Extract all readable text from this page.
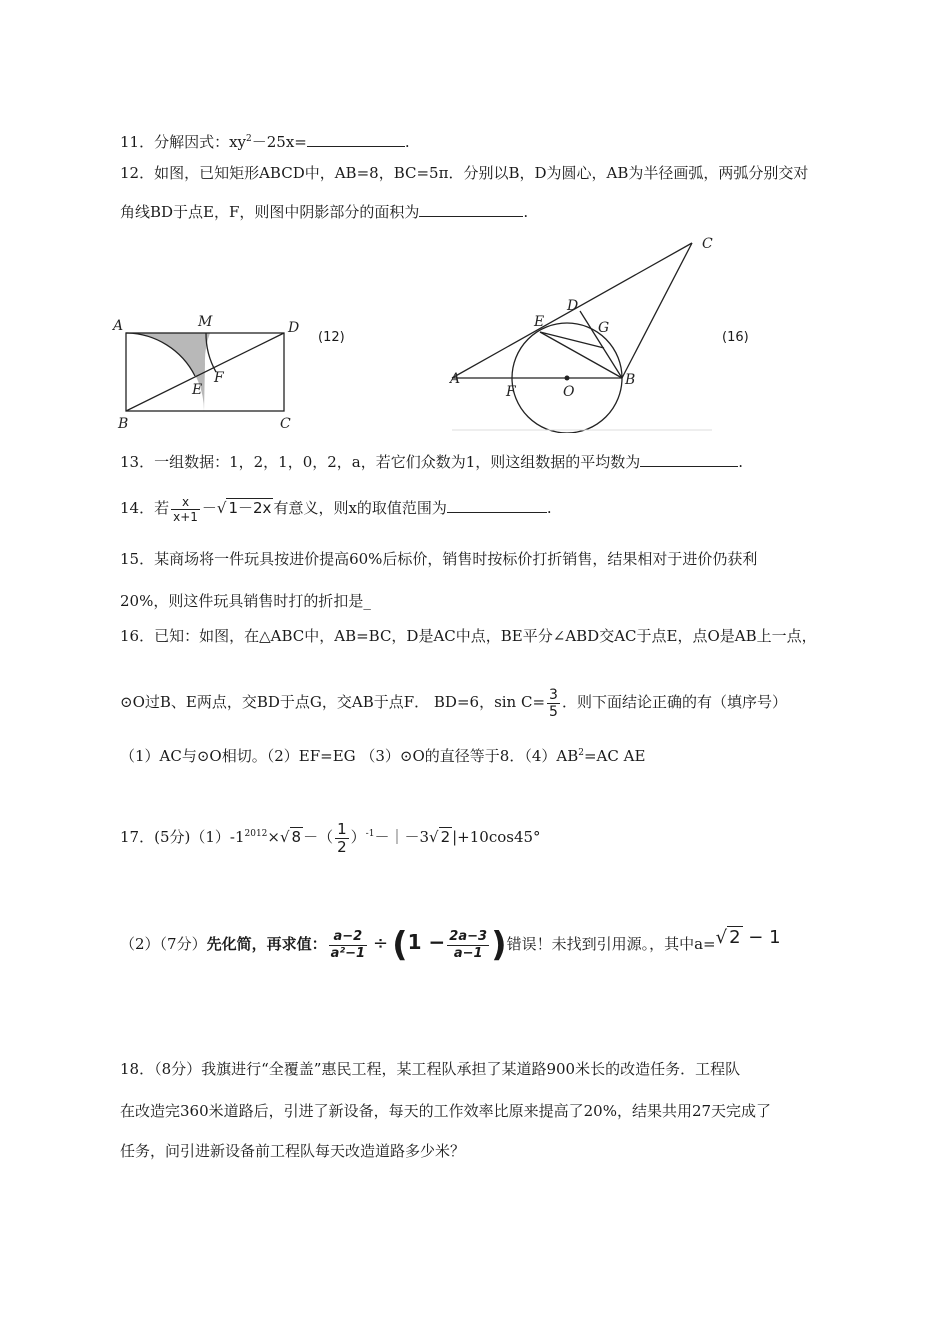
11．分解因式：$xy^2-25x=$	.
12．如图，已知矩形ABCD中，AB=8，BC=5π．分别以B，D为圆心，AB为半径画弧，两弧分别交对
角线BD于点E，F，则图中阴影部分的面积为	.
A	M	D
E
F
B	C
(12)
C
D
G
E
A
F	O
B
(16)
13．一组数据：1，2，1，0，2，a，若它们众数为1，则这组数据的平均数为	.
14．若 $\frac{x}{x+1}$ －√ 1－2x 有意义，则x的取值范围为	.
15．某商场将一件玩具按进价提高60%后标价，销售时按标价打折销售，结果相对于进价仍获利
20%，则这件玩具销售时打的折扣是_
16．已知：如图，在△ABC中，AB=BC，D是AC中点，BE平分∠ABD交AC于点E，点O是AB上一点，
⊙O过B、E两点，交BD于点G，交AB于点F． BD=6，$\sin C= \frac{3}{5}$ ．则下面结论正确的有（填序号）
（1）AC与⊙O相切。（2）EF=EG （3）⊙O的直径等于8．$(4)AB^2=AC$ AE
17．(5分)$(1)-1^{2012}\times√$ 8 －（ $\frac{1}{2}$ ）$^{-1}$－｜－3√ 2 |+10cos45°
（2）（7分）先化简，再求值： $\frac{a-2}{\text{a²−1}} \div (1 - \frac{2a-3}{a-1}$ )错误！未找到引用源。，其中a=√ 2 − 1
18．（8分）我旗进行“全覆盖”惠民工程，某工程队承担了某道路900米长的改造任务．工程队
在改造完360米道路后，引进了新设备，每天的工作效率比原来提高了20%，结果共用27天完成了
任务，问引进新设备前工程队每天改造道路多少米？
